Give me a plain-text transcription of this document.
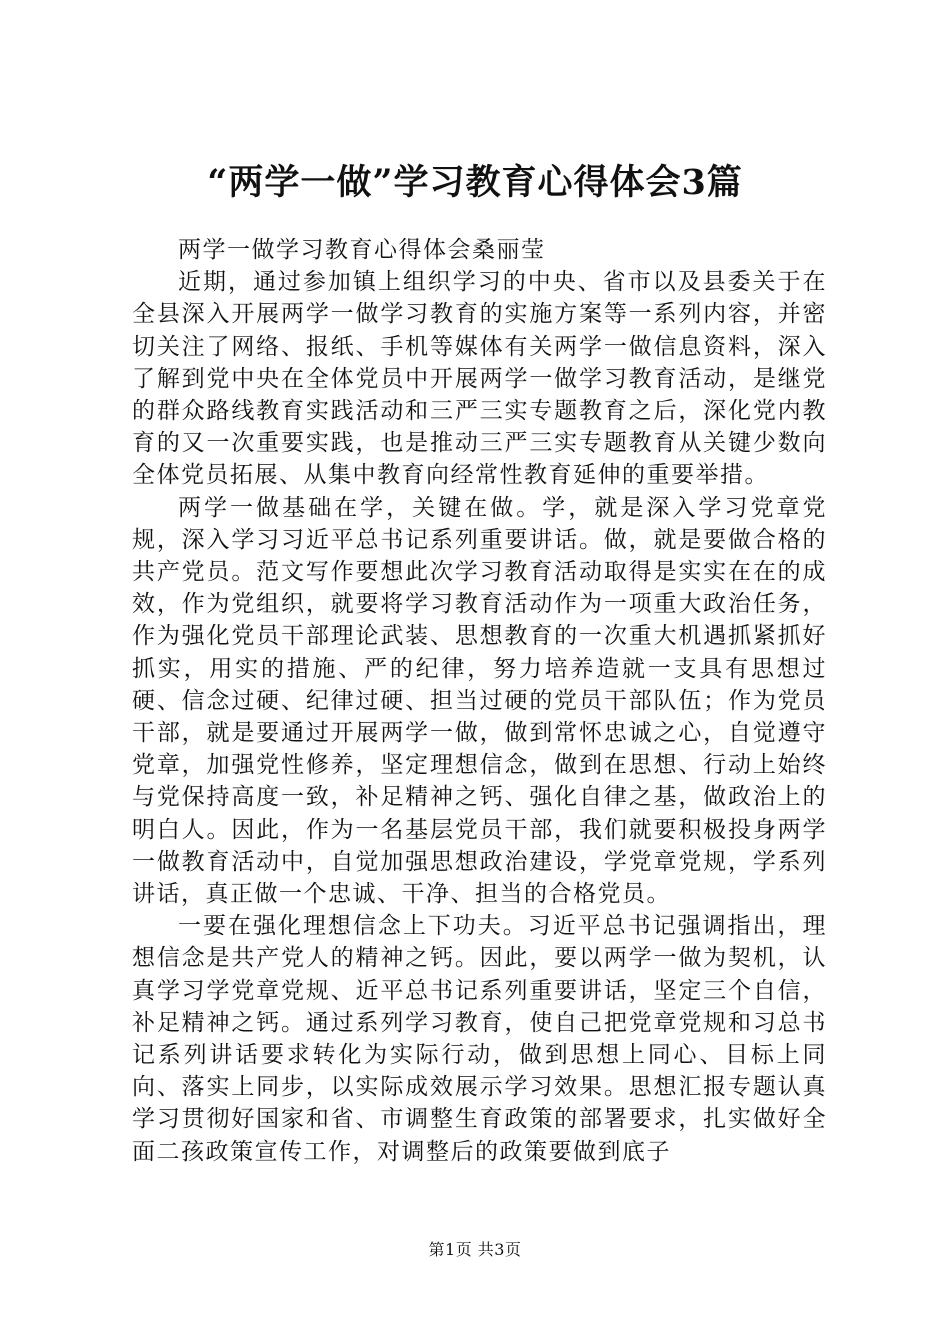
“两学一做”学习教育心得体会3篇

两学一做学习教育心得体会桑丽莹

近期，通过参加镇上组织学习的中央、省市以及县委关于在全县深入开展两学一做学习教育的实施方案等一系列内容，并密切关注了网络、报纸、手机等媒体有关两学一做信息资料，深入了解到党中央在全体党员中开展两学一做学习教育活动，是继党的群众路线教育实践活动和三严三实专题教育之后，深化党内教育的又一次重要实践，也是推动三严三实专题教育从关键少数向全体党员拓展、从集中教育向经常性教育延伸的重要举措。

两学一做基础在学，关键在做。学，就是深入学习党章党规，深入学习习近平总书记系列重要讲话。做，就是要做合格的共产党员。范文写作要想此次学习教育活动取得是实实在在的成效，作为党组织，就要将学习教育活动作为一项重大政治任务，作为强化党员干部理论武装、思想教育的一次重大机遇抓紧抓好抓实，用实的措施、严的纪律，努力培养造就一支具有思想过硬、信念过硬、纪律过硬、担当过硬的党员干部队伍；作为党员干部，就是要通过开展两学一做，做到常怀忠诚之心，自觉遵守党章，加强党性修养，坚定理想信念，做到在思想、行动上始终与党保持高度一致，补足精神之钙、强化自律之基，做政治上的明白人。因此，作为一名基层党员干部，我们就要积极投身两学一做教育活动中，自觉加强思想政治建设，学党章党规，学系列讲话，真正做一个忠诚、干净、担当的合格党员。

一要在强化理想信念上下功夫。习近平总书记强调指出，理想信念是共产党人的精神之钙。因此，要以两学一做为契机，认真学习学党章党规、近平总书记系列重要讲话，坚定三个自信，补足精神之钙。通过系列学习教育，使自己把党章党规和习总书记系列讲话要求转化为实际行动，做到思想上同心、目标上同向、落实上同步，以实际成效展示学习效果。思想汇报专题认真学习贯彻好国家和省、市调整生育政策的部署要求，扎实做好全面二孩政策宣传工作，对调整后的政策要做到底子

第1页 共3页
